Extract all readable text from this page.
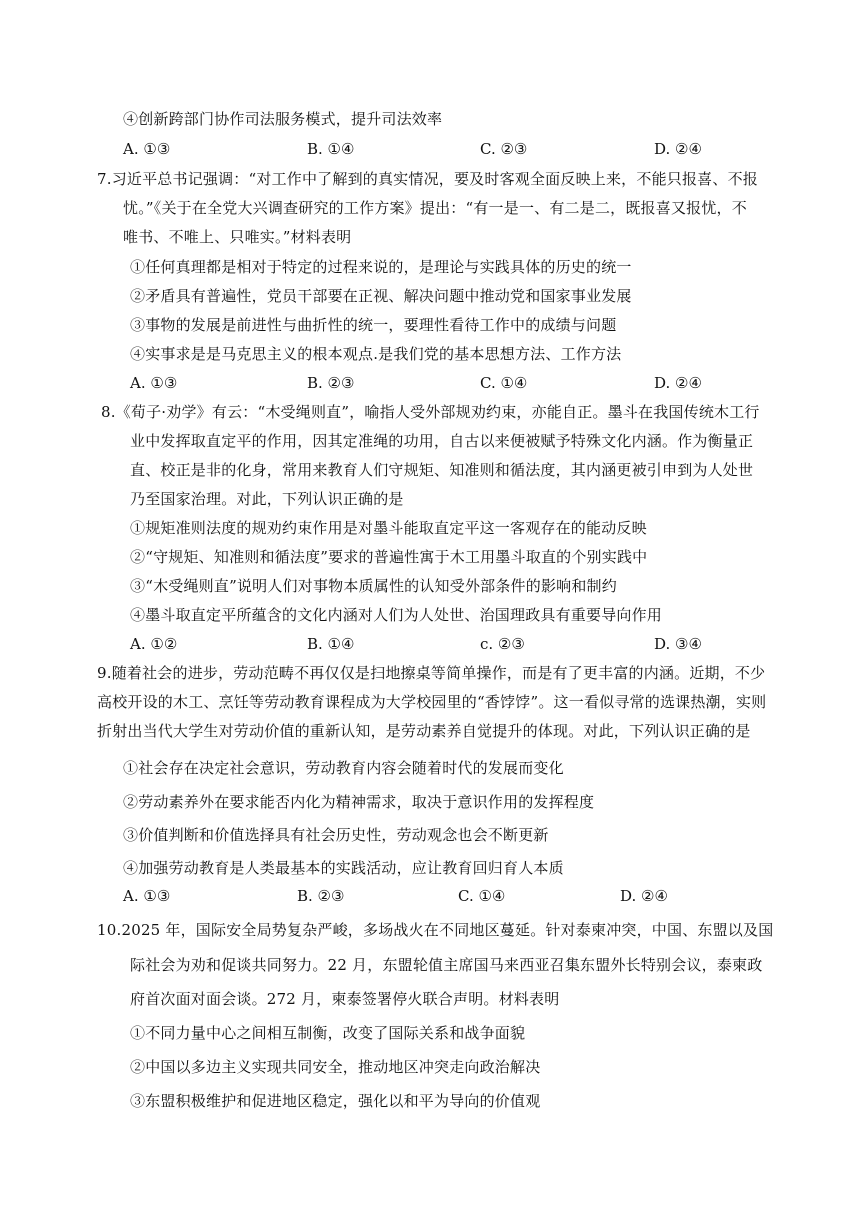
④创新跨部门协作司法服务模式，提升司法效率
A. ①③	B. ①④	C. ②③	D. ②④
7.习近平总书记强调：“对工作中了解到的真实情况，要及时客观全面反映上来，不能只报喜、不报
忧。”《关于在全党大兴调查研究的工作方案》提出：“有一是一、有二是二，既报喜又报忧，不
唯书、不唯上、只唯实。”材料表明
①任何真理都是相对于特定的过程来说的，是理论与实践具体的历史的统一
②矛盾具有普遍性，党员干部要在正视、解决问题中推动党和国家事业发展
③事物的发展是前进性与曲折性的统一，要理性看待工作中的成绩与问题
④实事求是是马克思主义的根本观点.是我们党的基本思想方法、工作方法
A. ①③	B. ②③	C. ①④	D. ②④
8.《荀子·劝学》有云：“木受绳则直”，喻指人受外部规劝约束，亦能自正。墨斗在我国传统木工行
业中发挥取直定平的作用，因其定准绳的功用，自古以来便被赋予特殊文化内涵。作为衡量正
直、校正是非的化身，常用来教育人们守规矩、知准则和循法度，其内涵更被引申到为人处世
乃至国家治理。对此，下列认识正确的是
①规矩准则法度的规劝约束作用是对墨斗能取直定平这一客观存在的能动反映
②“守规矩、知准则和循法度”要求的普遍性寓于木工用墨斗取直的个别实践中
③“木受绳则直”说明人们对事物本质属性的认知受外部条件的影响和制约
④墨斗取直定平所蕴含的文化内涵对人们为人处世、治国理政具有重要导向作用
A. ①②	B. ①④	c. ②③	D. ③④
9.随着社会的进步，劳动范畴不再仅仅是扫地擦桌等简单操作，而是有了更丰富的内涵。近期，不少
高校开设的木工、烹饪等劳动教育课程成为大学校园里的“香饽饽”。这一看似寻常的选课热潮，实则
折射出当代大学生对劳动价值的重新认知，是劳动素养自觉提升的体现。对此，下列认识正确的是
①社会存在决定社会意识，劳动教育内容会随着时代的发展而变化
②劳动素养外在要求能否内化为精神需求，取决于意识作用的发挥程度
③价值判断和价值选择具有社会历史性，劳动观念也会不断更新
④加强劳动教育是人类最基本的实践活动，应让教育回归育人本质
A. ①③	B. ②③	C. ①④	D. ②④
10.2025 年，国际安全局势复杂严峻，多场战火在不同地区蔓延。针对泰柬冲突，中国、东盟以及国
际社会为劝和促谈共同努力。22 月，东盟轮值主席国马来西亚召集东盟外长特别会议，泰柬政
府首次面对面会谈。272 月，柬泰签署停火联合声明。材料表明
①不同力量中心之间相互制衡，改变了国际关系和战争面貌
②中国以多边主义实现共同安全，推动地区冲突走向政治解决
③东盟积极维护和促进地区稳定，强化以和平为导向的价值观
